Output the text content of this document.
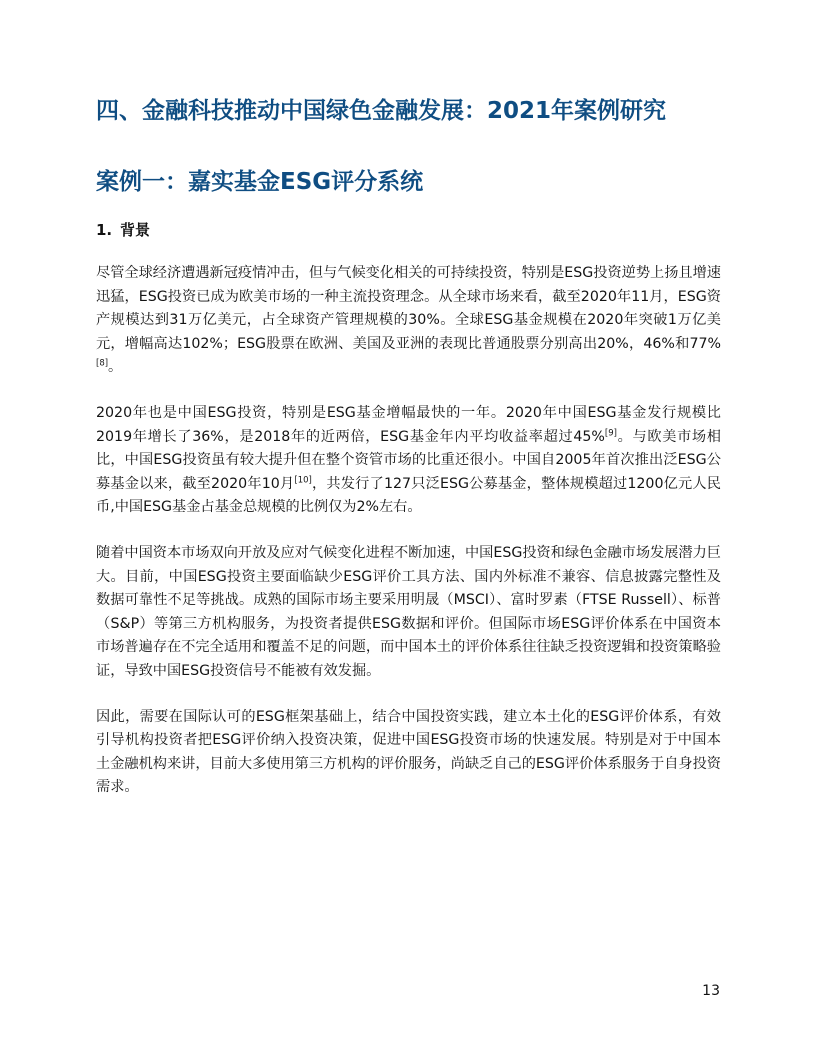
四、金融科技推动中国绿色金融发展：2021年案例研究
案例一：嘉实基金ESG评分系统
1. 背景

尽管全球经济遭遇新冠疫情冲击，但与气候变化相关的可持续投资，特别是ESG投资逆势上扬且增速迅猛，ESG投资已成为欧美市场的一种主流投资理念。从全球市场来看，截至2020年11月，ESG资产规模达到31万亿美元，占全球资产管理规模的30%。全球ESG基金规模在2020年突破1万亿美元，增幅高达102%；ESG股票在欧洲、美国及亚洲的表现比普通股票分别高出20%，46%和77%[8]。

2020年也是中国ESG投资，特别是ESG基金增幅最快的一年。2020年中国ESG基金发行规模比2019年增长了36%，是2018年的近两倍，ESG基金年内平均收益率超过45%[9]。与欧美市场相比，中国ESG投资虽有较大提升但在整个资管市场的比重还很小。中国自2005年首次推出泛ESG公募基金以来，截至2020年10月[10]，共发行了127只泛ESG公募基金，整体规模超过1200亿元人民币,中国ESG基金占基金总规模的比例仅为2%左右。

随着中国资本市场双向开放及应对气候变化进程不断加速，中国ESG投资和绿色金融市场发展潜力巨大。目前，中国ESG投资主要面临缺少ESG评价工具方法、国内外标准不兼容、信息披露完整性及数据可靠性不足等挑战。成熟的国际市场主要采用明晟（MSCI）、富时罗素（FTSE Russell）、标普（S&P）等第三方机构服务，为投资者提供ESG数据和评价。但国际市场ESG评价体系在中国资本市场普遍存在不完全适用和覆盖不足的问题，而中国本土的评价体系往往缺乏投资逻辑和投资策略验证，导致中国ESG投资信号不能被有效发掘。

因此，需要在国际认可的ESG框架基础上，结合中国投资实践，建立本土化的ESG评价体系，有效引导机构投资者把ESG评价纳入投资决策，促进中国ESG投资市场的快速发展。特别是对于中国本土金融机构来讲，目前大多使用第三方机构的评价服务，尚缺乏自己的ESG评价体系服务于自身投资需求。

13
